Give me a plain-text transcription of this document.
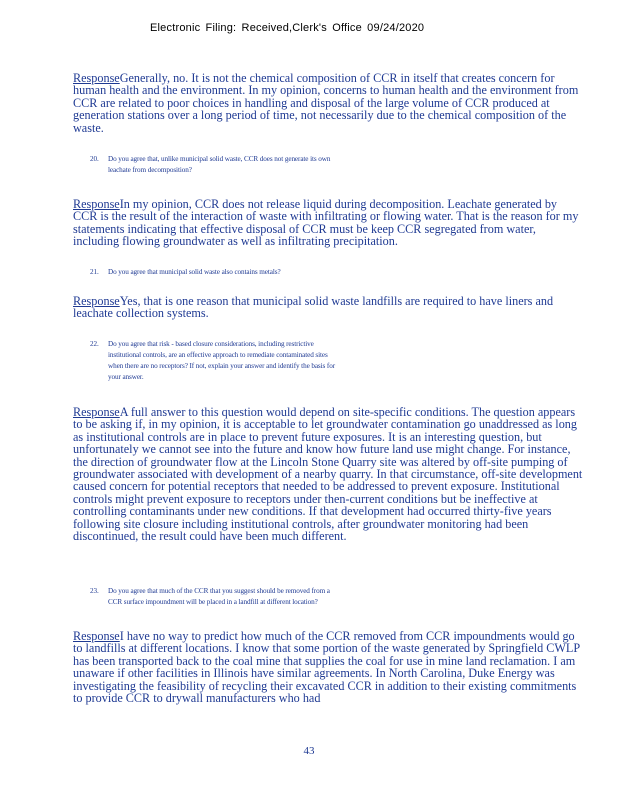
Electronic Filing: Received,Clerk's Office 09/24/2020
ResponseGenerally, no. It is not the chemical composition of CCR in itself that creates concern for human health and the environment. In my opinion, concerns to human health and the environment from CCR are related to poor choices in handling and disposal of the large volume of CCR produced at generation stations over a long period of time, not necessarily due to the chemical composition of the waste.
20. Do you agree that, unlike municipal solid waste, CCR does not generate its own
leachate from decomposition?
ResponseIn my opinion, CCR does not release liquid during decomposition. Leachate generated by CCR is the result of the interaction of waste with infiltrating or flowing water. That is the reason for my statements indicating that effective disposal of CCR must be keep CCR segregated from water, including flowing groundwater as well as infiltrating precipitation.
21. Do you agree that municipal solid waste also contains metals?
ResponseYes, that is one reason that municipal solid waste landfills are required to have liners and leachate collection systems.
22. Do you agree that risk - based closure considerations, including restrictive
institutional controls, are an effective approach to remediate contaminated sites
when there are no receptors? If not, explain your answer and identify the basis for
your answer.
ResponseA full answer to this question would depend on site-specific conditions. The question appears to be asking if, in my opinion, it is acceptable to let groundwater contamination go unaddressed as long as institutional controls are in place to prevent future exposures. It is an interesting question, but unfortunately we cannot see into the future and know how future land use might change. For instance, the direction of groundwater flow at the Lincoln Stone Quarry site was altered by off-site pumping of groundwater associated with development of a nearby quarry. In that circumstance, off-site development caused concern for potential receptors that needed to be addressed to prevent exposure. Institutional controls might prevent exposure to receptors under then-current conditions but be ineffective at controlling contaminants under new conditions. If that development had occurred thirty-five years following site closure including institutional controls, after groundwater monitoring had been discontinued, the result could have been much different.
23. Do you agree that much of the CCR that you suggest should be removed from a
CCR surface impoundment will be placed in a landfill at different location?
ResponseI have no way to predict how much of the CCR removed from CCR impoundments would go to landfills at different locations. I know that some portion of the waste generated by Springfield CWLP has been transported back to the coal mine that supplies the coal for use in mine land reclamation. I am unaware if other facilities in Illinois have similar agreements. In North Carolina, Duke Energy was investigating the feasibility of recycling their excavated CCR in addition to their existing commitments to provide CCR to drywall manufacturers who had
43
